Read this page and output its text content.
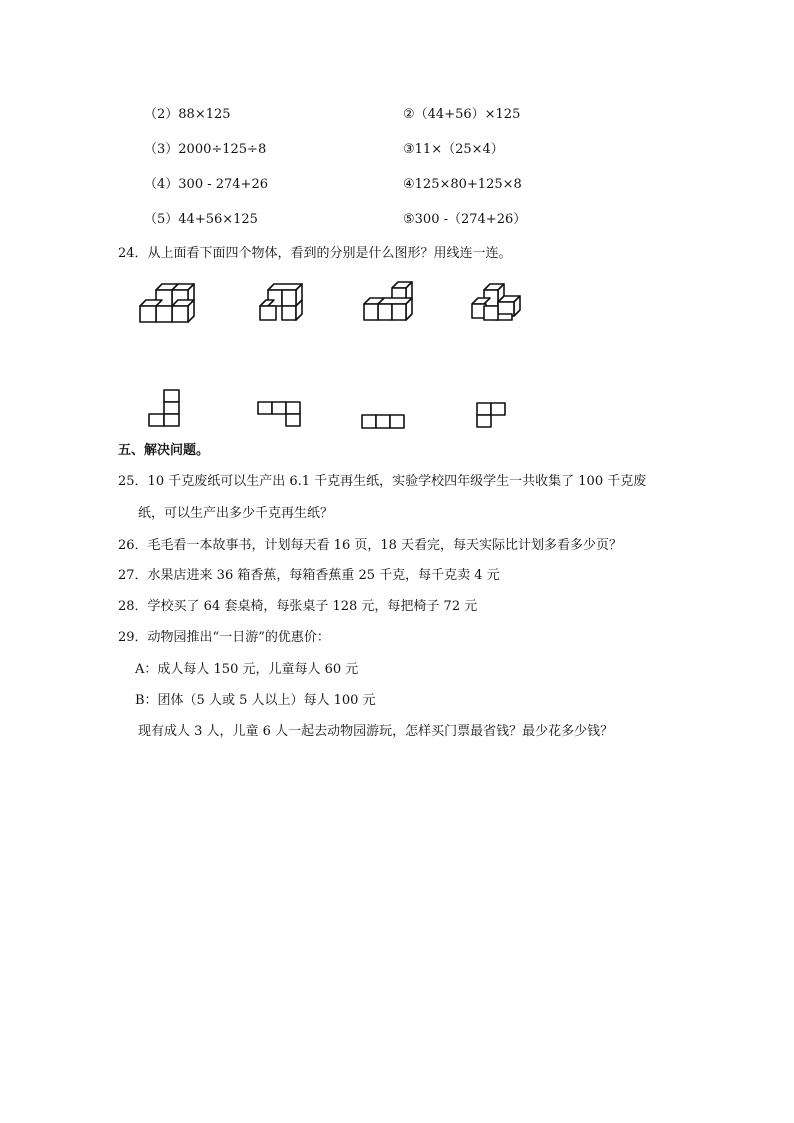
（2）88×125	②（44+56）×125
（3）2000÷125÷8	③11×（25×4）
（4）300 - 274+26	④125×80+125×8
（5）44+56×125	⑤300 -（274+26）
24．从上面看下面四个物体，看到的分别是什么图形？用线连一连。
五、解决问题。
25．10 千克废纸可以生产出 6.1 千克再生纸，实验学校四年级学生一共收集了 100 千克废
纸，可以生产出多少千克再生纸？
26．毛毛看一本故事书，计划每天看 16 页，18 天看完，每天实际比计划多看多少页？
27．水果店进来 36 箱香蕉，每箱香蕉重 25 千克，每千克卖 4 元
28．学校买了 64 套桌椅，每张桌子 128 元，每把椅子 72 元
29．动物园推出“一日游”的优惠价：
A：成人每人 150 元，儿童每人 60 元
B：团体（5 人或 5 人以上）每人 100 元
现有成人 3 人，儿童 6 人一起去动物园游玩，怎样买门票最省钱？最少花多少钱？
